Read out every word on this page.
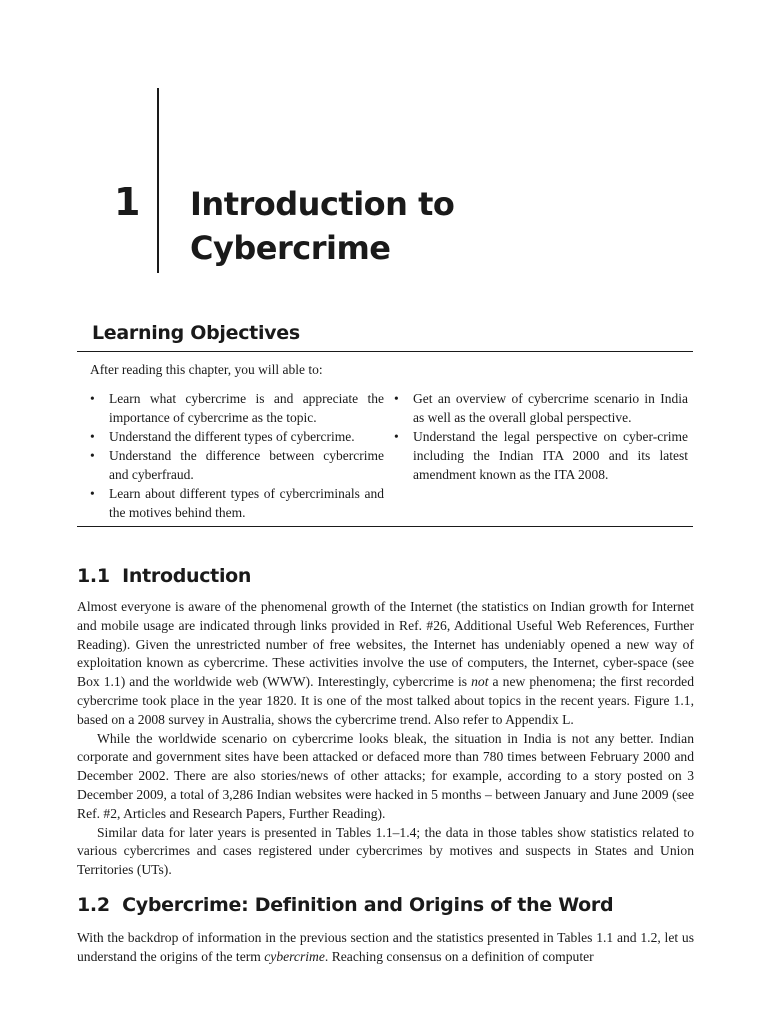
1 Introduction to
Cybercrime
Learning Objectives
After reading this chapter, you will able to:
• Learn what cybercrime is and appreciate the importance of cybercrime as the topic.
• Understand the different types of cybercrime.
• Understand the difference between cybercrime and cyberfraud.
• Learn about different types of cybercriminals and the motives behind them.
• Get an overview of cybercrime scenario in India as well as the overall global perspective.
• Understand the legal perspective on cyber-crime including the Indian ITA 2000 and its latest amendment known as the ITA 2008.
1.1 Introduction

Almost everyone is aware of the phenomenal growth of the Internet (the statistics on Indian growth for Internet and mobile usage are indicated through links provided in Ref. #26, Additional Useful Web References, Further Reading). Given the unrestricted number of free websites, the Internet has undeniably opened a new way of exploitation known as cybercrime. These activities involve the use of computers, the Internet, cyber-space (see Box 1.1) and the worldwide web (WWW). Interestingly, cybercrime is not a new phenomena; the first recorded cybercrime took place in the year 1820. It is one of the most talked about topics in the recent years. Figure 1.1, based on a 2008 survey in Australia, shows the cybercrime trend. Also refer to Appendix L.

While the worldwide scenario on cybercrime looks bleak, the situation in India is not any better. Indian corporate and government sites have been attacked or defaced more than 780 times between February 2000 and December 2002. There are also stories/news of other attacks; for example, according to a story posted on 3 December 2009, a total of 3,286 Indian websites were hacked in 5 months – between January and June 2009 (see Ref. #2, Articles and Research Papers, Further Reading).

Similar data for later years is presented in Tables 1.1–1.4; the data in those tables show statistics related to various cybercrimes and cases registered under cybercrimes by motives and suspects in States and Union Territories (UTs).

1.2 Cybercrime: Definition and Origins of the Word

With the backdrop of information in the previous section and the statistics presented in Tables 1.1 and 1.2, let us understand the origins of the term cybercrime. Reaching consensus on a definition of computer
